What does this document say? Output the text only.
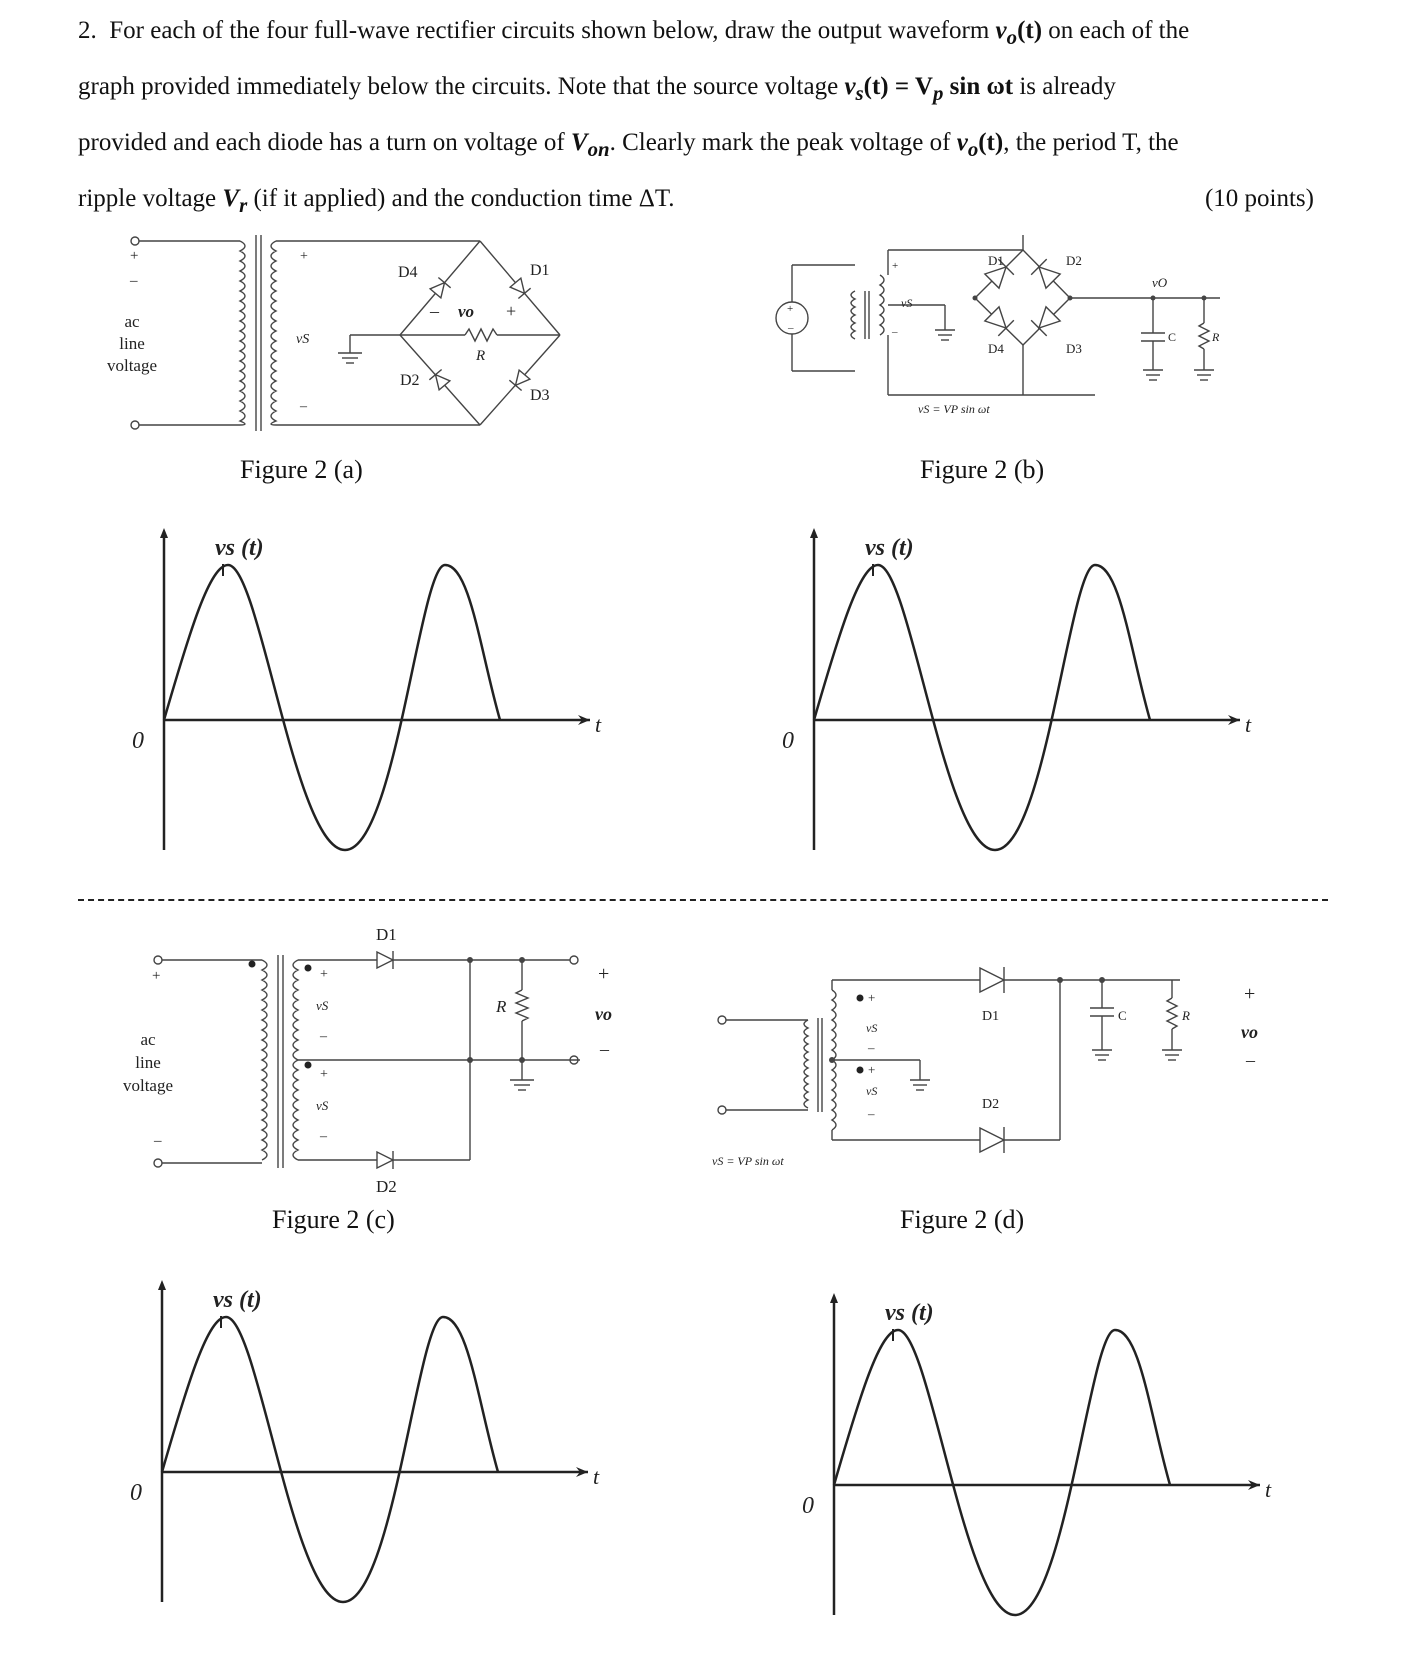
2. For each of the four full-wave rectifier circuits shown below, draw the output waveform $v_o(t)$ on each of the

graph provided immediately below the circuits. Note that the source voltage $v_s(t) = V_p$ sin ωt is already

provided and each diode has a turn on voltage of $V_{on}$. Clearly mark the peak voltage of $v_o(t)$, the period T, the

ripple voltage $V_r$ (if it applied) and the conduction time ΔT.	(10 points)

+
–
ac
line
voltage
+
vS
–
D1
D2
D3
D4
vo
–	+
R
Figure 2 (a)
+
–
+
vS
–
D1	D2
D3
D4
vO
C	R
vS = VP sin ωt
Figure 2 (b)
vs (t)
0
t
vs (t)
0
t
+
ac
line
voltage
–
+
vS
–
+
vS
–
D1
D2
R
+
vo
–
Figure 2 (c)
+
vS
–
+
vS
–
D1
D2
C	R
+
vo
–
vS = VP sin ωt
Figure 2 (d)
vs (t)
0
t
vs (t)
0
t
